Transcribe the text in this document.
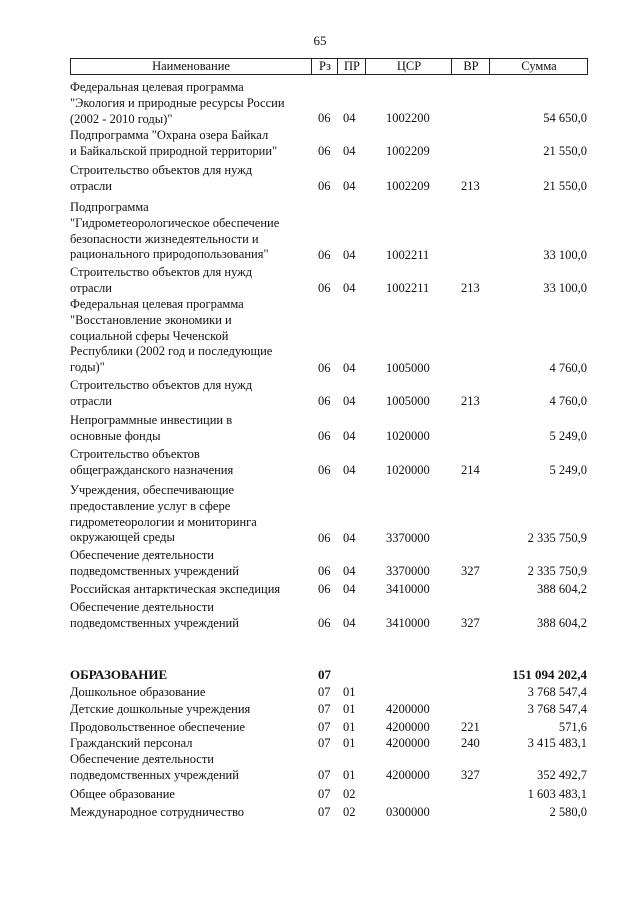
65
Наименование	Рз	ПР	ЦСР	ВР	Сумма
Федеральная целевая программа
"Экология и природные ресурсы России
(2002 - 2010 годы)"	06 04 1002200	54 650,0
Подпрограмма "Охрана озера Байкал
и Байкальской природной территории"	06 04 1002209	21 550,0
Строительство объектов для нужд
отрасли	06 04 1002209	213	21 550,0
Подпрограмма
"Гидрометеорологическое обеспечение
безопасности жизнедеятельности и
рационального природопользования"	06 04 1002211	33 100,0
Строительство объектов для нужд
отрасли	06 04 1002211	213	33 100,0
Федеральная целевая программа
"Восстановление экономики и
социальной сферы Чеченской
Республики (2002 год и последующие
годы)"	06 04 1005000	4 760,0
Строительство объектов для нужд
отрасли	06 04 1005000	213	4 760,0
Непрограммные инвестиции в
основные фонды	06 04 1020000	5 249,0
Строительство объектов
общегражданского назначения	06 04 1020000	214	5 249,0
Учреждения, обеспечивающие
предоставление услуг в сфере
гидрометеорологии и мониторинга
окружающей среды	06 04 3370000	2 335 750,9
Обеспечение деятельности
подведомственных учреждений	06 04 3370000	327	2 335 750,9
Российская антарктическая экспедиция	06 04 3410000	388 604,2
Обеспечение деятельности
подведомственных учреждений	06 04 3410000	327	388 604,2
ОБРАЗОВАНИЕ	07	151 094 202,4
Дошкольное образование	07 01	3 768 547,4
Детские дошкольные учреждения	07 01 4200000	3 768 547,4
Продовольственное обеспечение	07 01 4200000	221	571,6
Гражданский персонал	07 01 4200000	240	3 415 483,1
Обеспечение деятельности
подведомственных учреждений	07 01 4200000	327	352 492,7
Общее образование	07 02	1 603 483,1
Международное сотрудничество	07 02 0300000	2 580,0
